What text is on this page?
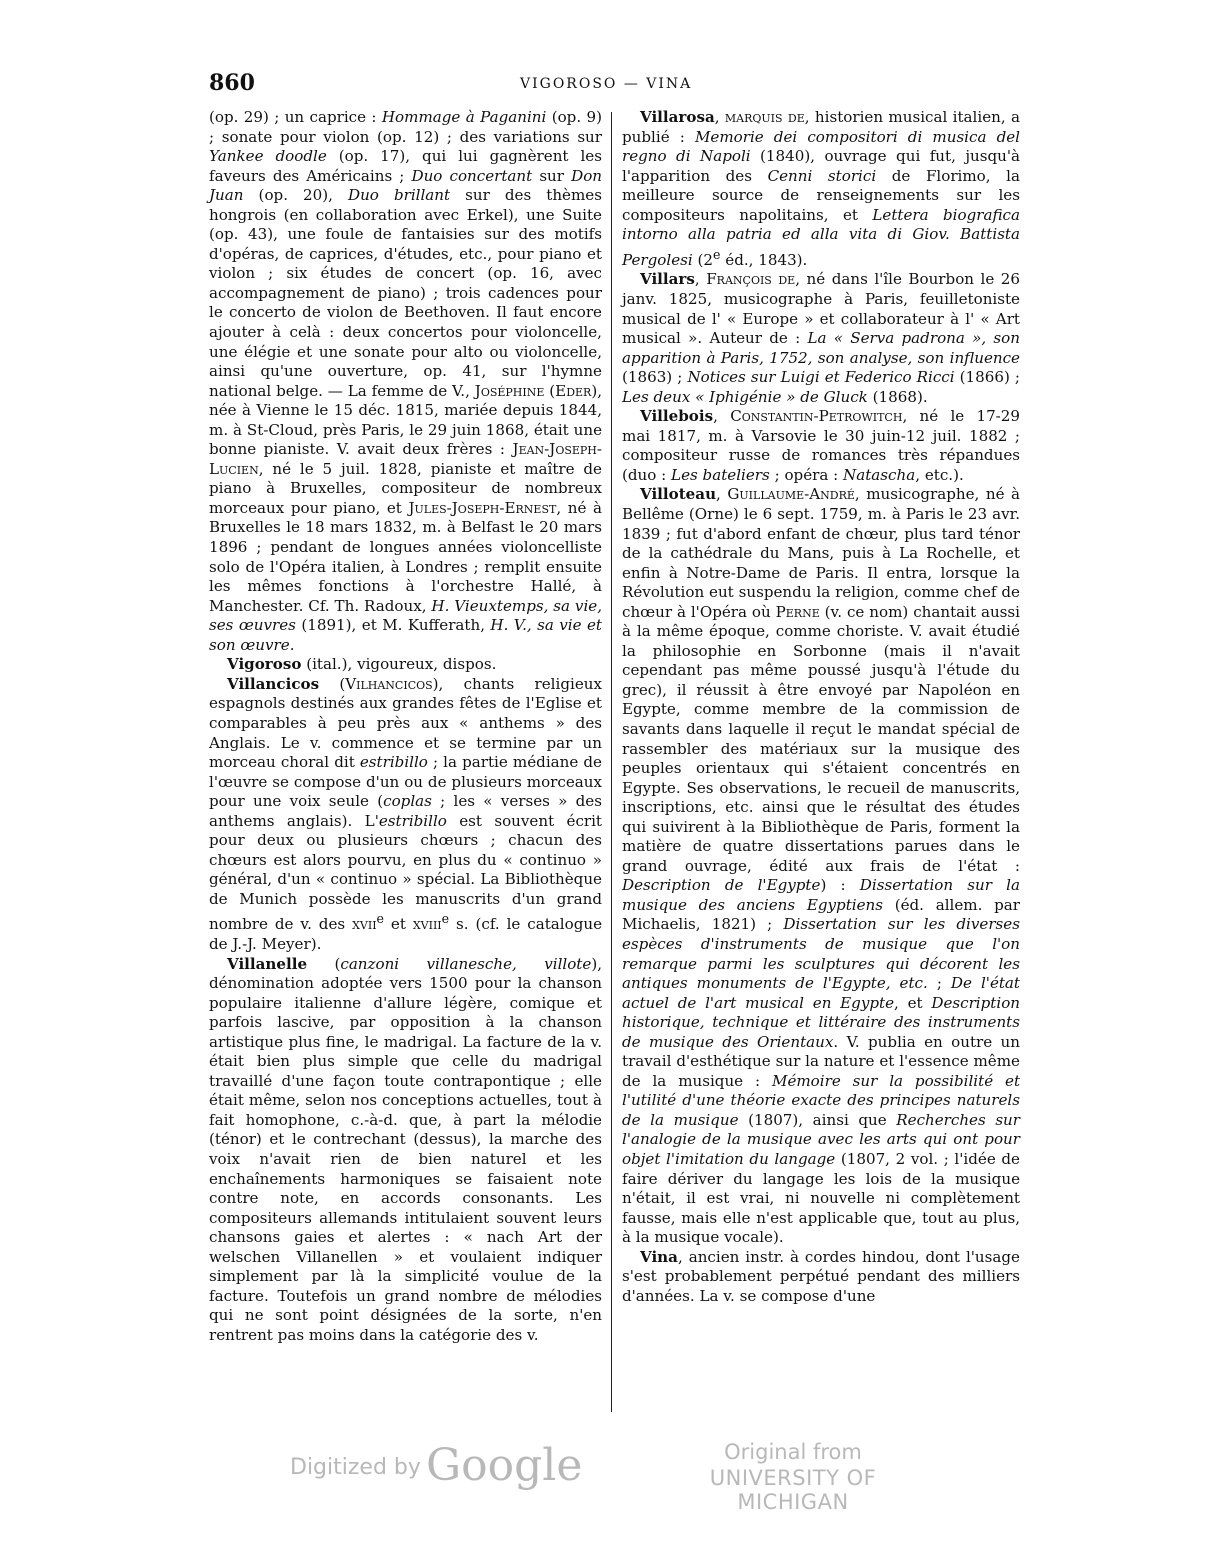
860	VIGOROSO — VINA

(op. 29) ; un caprice : Hommage à Paganini (op. 9) ; sonate pour violon (op. 12) ; des variations sur Yankee doodle (op. 17), qui lui gagnèrent les faveurs des Américains ; Duo concertant sur Don Juan (op. 20), Duo brillant sur des thèmes hongrois (en collaboration avec Erkel), une Suite (op. 43), une foule de fantaisies sur des motifs d'opéras, de caprices, d'études, etc., pour piano et violon ; six études de concert (op. 16, avec accompagnement de piano) ; trois cadences pour le concerto de violon de Beethoven. Il faut encore ajouter à celà : deux concertos pour violoncelle, une élégie et une sonate pour alto ou violoncelle, ainsi qu'une ouverture, op. 41, sur l'hymne national belge. — La femme de V., Joséphine (Eder), née à Vienne le 15 déc. 1815, mariée depuis 1844, m. à St-Cloud, près Paris, le 29 juin 1868, était une bonne pianiste. V. avait deux frères : Jean-Joseph-Lucien, né le 5 juil. 1828, pianiste et maître de piano à Bruxelles, compositeur de nombreux morceaux pour piano, et Jules-Joseph-Ernest, né à Bruxelles le 18 mars 1832, m. à Belfast le 20 mars 1896 ; pendant de longues années violoncelliste solo de l'Opéra italien, à Londres ; remplit ensuite les mêmes fonctions à l'orchestre Hallé, à Manchester. Cf. Th. Radoux, H. Vieuxtemps, sa vie, ses œuvres (1891), et M. Kufferath, H. V., sa vie et son œuvre.

Vigoroso (ital.), vigoureux, dispos.

Villancicos (Vilhancicos), chants religieux espagnols destinés aux grandes fêtes de l'Eglise et comparables à peu près aux « anthems » des Anglais. Le v. commence et se termine par un morceau choral dit estribillo ; la partie médiane de l'œuvre se compose d'un ou de plusieurs morceaux pour une voix seule (coplas ; les « verses » des anthems anglais). L'estribillo est souvent écrit pour deux ou plusieurs chœurs ; chacun des chœurs est alors pourvu, en plus du « continuo » général, d'un « continuo » spécial. La Bibliothèque de Munich possède les manuscrits d'un grand nombre de v. des xvii$^e$ et xviii$^e$ s. (cf. le catalogue de J.-J. Meyer).

Villanelle (canzoni villanesche, villote), dénomination adoptée vers 1500 pour la chanson populaire italienne d'allure légère, comique et parfois lascive, par opposition à la chanson artistique plus fine, le madrigal. La facture de la v. était bien plus simple que celle du madrigal travaillé d'une façon toute contrapontique ; elle était même, selon nos conceptions actuelles, tout à fait homophone, c.-à-d. que, à part la mélodie (ténor) et le contrechant (dessus), la marche des voix n'avait rien de bien naturel et les enchaînements harmoniques se faisaient note contre note, en accords consonants. Les compositeurs allemands intitulaient souvent leurs chansons gaies et alertes : « nach Art der welschen Villanellen » et voulaient indiquer simplement par là la simplicité voulue de la facture. Toutefois un grand nombre de mélodies qui ne sont point désignées de la sorte, n'en rentrent pas moins dans la catégorie des v.

Villarosa, marquis de, historien musical italien, a publié : Memorie dei compositori di musica del regno di Napoli (1840), ouvrage qui fut, jusqu'à l'apparition des Cenni storici de Florimo, la meilleure source de renseignements sur les compositeurs napolitains, et Lettera biografica intorno alla patria ed alla vita di Giov. Battista Pergolesi (2e éd., 1843).

Villars, François de, né dans l'île Bourbon le 26 janv. 1825, musicographe à Paris, feuilletoniste musical de l' « Europe » et collaborateur à l' « Art musical ». Auteur de : La « Serva padrona », son apparition à Paris, 1752, son analyse, son influence (1863) ; Notices sur Luigi et Federico Ricci (1866) ; Les deux « Iphigénie » de Gluck (1868).

Villebois, Constantin-Petrowitch, né le 17-29 mai 1817, m. à Varsovie le 30 juin-12 juil. 1882 ; compositeur russe de romances très répandues (duo : Les bateliers ; opéra : Natascha, etc.).

Villoteau, Guillaume-André, musicographe, né à Bellême (Orne) le 6 sept. 1759, m. à Paris le 23 avr. 1839 ; fut d'abord enfant de chœur, plus tard ténor de la cathédrale du Mans, puis à La Rochelle, et enfin à Notre-Dame de Paris. Il entra, lorsque la Révolution eut suspendu la religion, comme chef de chœur à l'Opéra où Perne (v. ce nom) chantait aussi à la même époque, comme choriste. V. avait étudié la philosophie en Sorbonne (mais il n'avait cependant pas même poussé jusqu'à l'étude du grec), il réussit à être envoyé par Napoléon en Egypte, comme membre de la commission de savants dans laquelle il reçut le mandat spécial de rassembler des matériaux sur la musique des peuples orientaux qui s'étaient concentrés en Egypte. Ses observations, le recueil de manuscrits, inscriptions, etc. ainsi que le résultat des études qui suivirent à la Bibliothèque de Paris, forment la matière de quatre dissertations parues dans le grand ouvrage, édité aux frais de l'état : Description de l'Egypte) : Dissertation sur la musique des anciens Egyptiens (éd. allem. par Michaelis, 1821) ; Dissertation sur les diverses espèces d'instruments de musique que l'on remarque parmi les sculptures qui décorent les antiques monuments de l'Egypte, etc. ; De l'état actuel de l'art musical en Egypte, et Description historique, technique et littéraire des instruments de musique des Orientaux. V. publia en outre un travail d'esthétique sur la nature et l'essence même de la musique : Mémoire sur la possibilité et l'utilité d'une théorie exacte des principes naturels de la musique (1807), ainsi que Recherches sur l'analogie de la musique avec les arts qui ont pour objet l'imitation du langage (1807, 2 vol. ; l'idée de faire dériver du langage les lois de la musique n'était, il est vrai, ni nouvelle ni complètement fausse, mais elle n'est applicable que, tout au plus, à la musique vocale).

Vina, ancien instr. à cordes hindou, dont l'usage s'est probablement perpétué pendant des milliers d'années. La v. se compose d'une

Digitized by Google	Original from
UNIVERSITY OF MICHIGAN
